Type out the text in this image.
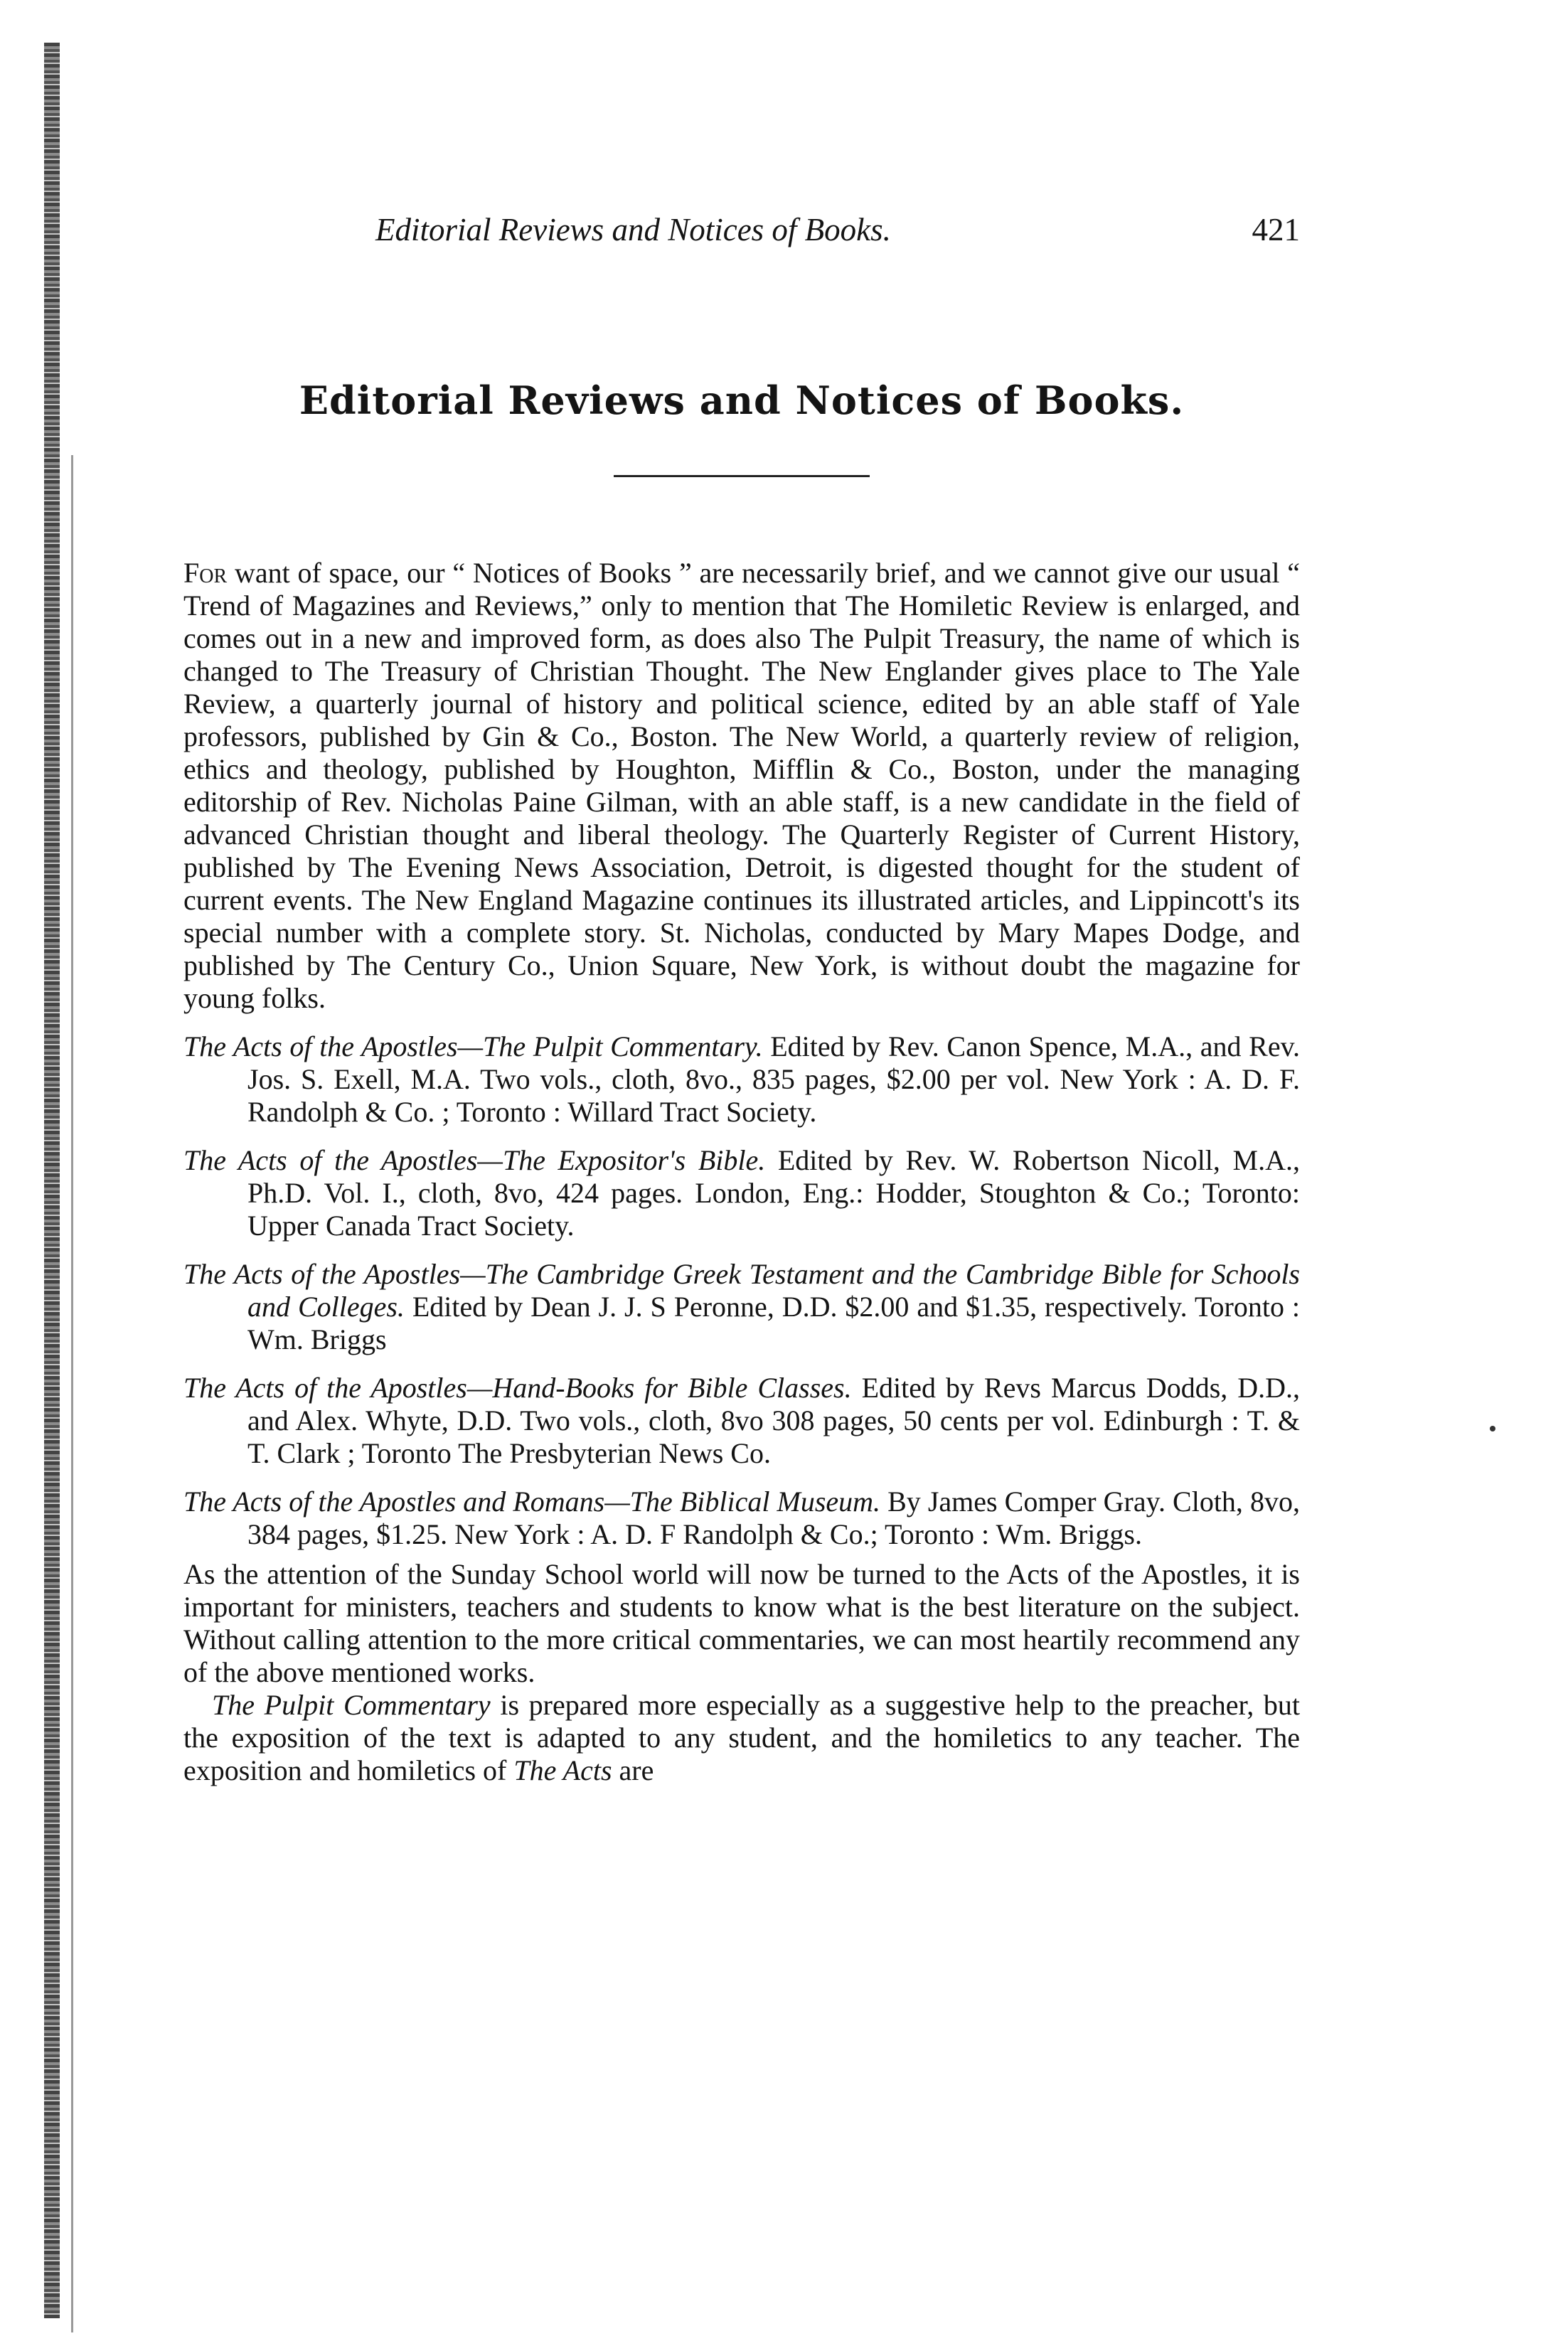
Editorial Reviews and Notices of Books.	421
Editorial Reviews and Notices of Books.

For want of space, our “ Notices of Books ” are necessarily brief, and we cannot give our usual “ Trend of Magazines and Reviews,” only to mention that The Homiletic Review is enlarged, and comes out in a new and improved form, as does also The Pulpit Treasury, the name of which is changed to The Treasury of Christian Thought. The New Englander gives place to The Yale Review, a quarterly journal of history and political science, edited by an able staff of Yale professors, published by Gin & Co., Boston. The New World, a quarterly review of religion, ethics and theology, published by Houghton, Mifflin & Co., Boston, under the managing editorship of Rev. Nicholas Paine Gilman, with an able staff, is a new candidate in the field of advanced Christian thought and liberal theology. The Quarterly Register of Current History, published by The Evening News Association, Detroit, is digested thought for the student of current events. The New England Magazine continues its illustrated articles, and Lippincott's its special number with a complete story. St. Nicholas, conducted by Mary Mapes Dodge, and published by The Century Co., Union Square, New York, is without doubt the magazine for young folks.

The Acts of the Apostles—The Pulpit Commentary. Edited by Rev. Canon Spence, M.A., and Rev. Jos. S. Exell, M.A. Two vols., cloth, 8vo., 835 pages, $2.00 per vol. New York : A. D. F. Randolph & Co. ; Toronto : Willard Tract Society.

The Acts of the Apostles—The Expositor's Bible. Edited by Rev. W. Robertson Nicoll, M.A., Ph.D. Vol. I., cloth, 8vo, 424 pages. London, Eng.: Hodder, Stoughton & Co.; Toronto: Upper Canada Tract Society.

The Acts of the Apostles—The Cambridge Greek Testament and the Cambridge Bible for Schools and Colleges. Edited by Dean J. J. S Peronne, D.D. $2.00 and $1.35, respectively. Toronto : Wm. Briggs

The Acts of the Apostles—Hand-Books for Bible Classes. Edited by Revs Marcus Dodds, D.D., and Alex. Whyte, D.D. Two vols., cloth, 8vo 308 pages, 50 cents per vol. Edinburgh : T. & T. Clark ; Toronto The Presbyterian News Co.

The Acts of the Apostles and Romans—The Biblical Museum. By James Comper Gray. Cloth, 8vo, 384 pages, $1.25. New York : A. D. F Randolph & Co.; Toronto : Wm. Briggs.

As the attention of the Sunday School world will now be turned to the Acts of the Apostles, it is important for ministers, teachers and students to know what is the best literature on the subject. Without calling attention to the more critical commentaries, we can most heartily recommend any of the above mentioned works.

The Pulpit Commentary is prepared more especially as a suggestive help to the preacher, but the exposition of the text is adapted to any student, and the homiletics to any teacher. The exposition and homiletics of The Acts are
